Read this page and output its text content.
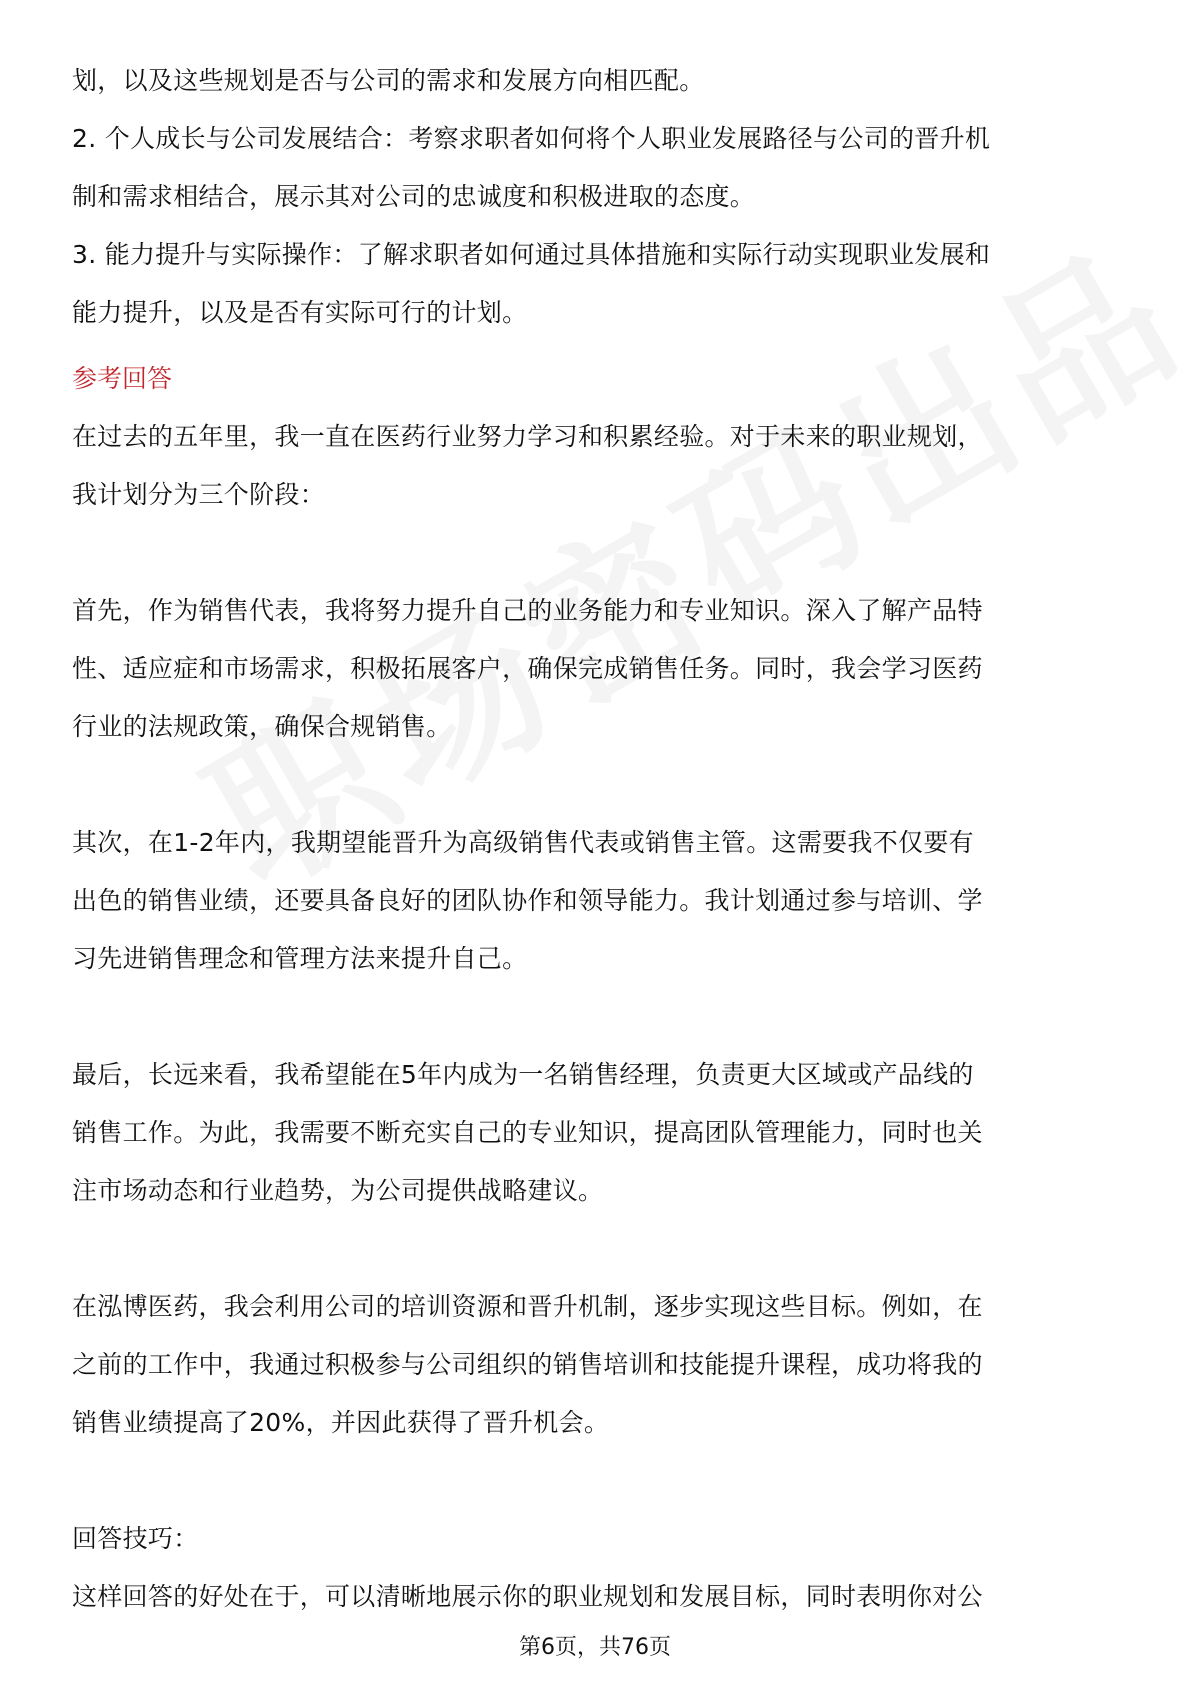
划，以及这些规划是否与公司的需求和发展方向相匹配。
2. 个人成长与公司发展结合：考察求职者如何将个人职业发展路径与公司的晋升机
制和需求相结合，展示其对公司的忠诚度和积极进取的态度。
3. 能力提升与实际操作：了解求职者如何通过具体措施和实际行动实现职业发展和
能力提升，以及是否有实际可行的计划。
参考回答
在过去的五年里，我一直在医药行业努力学习和积累经验。对于未来的职业规划，
我计划分为三个阶段：
首先，作为销售代表，我将努力提升自己的业务能力和专业知识。深入了解产品特
性、适应症和市场需求，积极拓展客户，确保完成销售任务。同时，我会学习医药
行业的法规政策，确保合规销售。
其次，在1-2年内，我期望能晋升为高级销售代表或销售主管。这需要我不仅要有
出色的销售业绩，还要具备良好的团队协作和领导能力。我计划通过参与培训、学
习先进销售理念和管理方法来提升自己。
最后，长远来看，我希望能在5年内成为一名销售经理，负责更大区域或产品线的
销售工作。为此，我需要不断充实自己的专业知识，提高团队管理能力，同时也关
注市场动态和行业趋势，为公司提供战略建议。
在泓博医药，我会利用公司的培训资源和晋升机制，逐步实现这些目标。例如，在
之前的工作中，我通过积极参与公司组织的销售培训和技能提升课程，成功将我的
销售业绩提高了20%，并因此获得了晋升机会。
回答技巧：
这样回答的好处在于，可以清晰地展示你的职业规划和发展目标，同时表明你对公
第6页，共76页
